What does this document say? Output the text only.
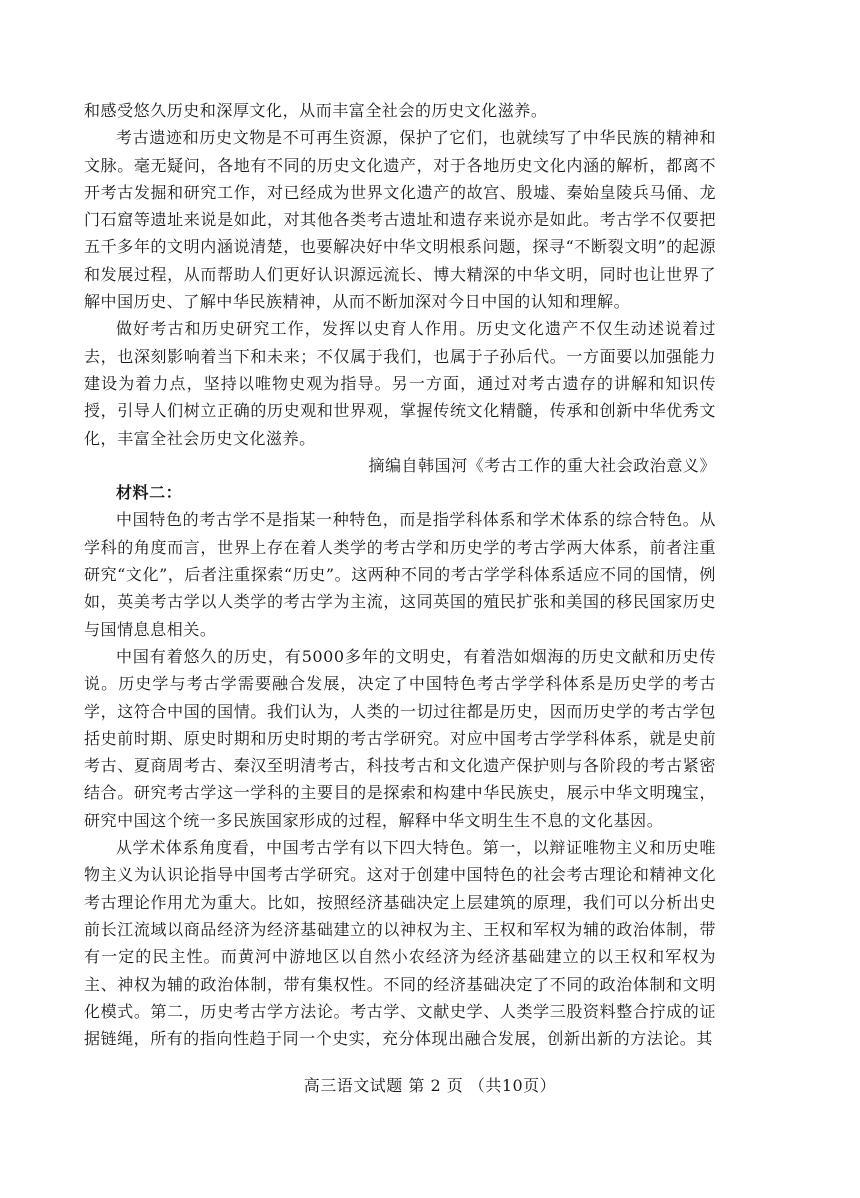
和感受悠久历史和深厚文化，从而丰富全社会的历史文化滋养。

考古遗迹和历史文物是不可再生资源，保护了它们，也就续写了中华民族的精神和文脉。毫无疑问，各地有不同的历史文化遗产，对于各地历史文化内涵的解析，都离不开考古发掘和研究工作，对已经成为世界文化遗产的故宫、殷墟、秦始皇陵兵马俑、龙门石窟等遗址来说是如此，对其他各类考古遗址和遗存来说亦是如此。考古学不仅要把五千多年的文明内涵说清楚，也要解决好中华文明根系问题，探寻“不断裂文明”的起源和发展过程，从而帮助人们更好认识源远流长、博大精深的中华文明，同时也让世界了解中国历史、了解中华民族精神，从而不断加深对今日中国的认知和理解。

做好考古和历史研究工作，发挥以史育人作用。历史文化遗产不仅生动述说着过去，也深刻影响着当下和未来；不仅属于我们，也属于子孙后代。一方面要以加强能力建设为着力点，坚持以唯物史观为指导。另一方面，通过对考古遗存的讲解和知识传授，引导人们树立正确的历史观和世界观，掌握传统文化精髓，传承和创新中华优秀文化，丰富全社会历史文化滋养。

摘编自韩国河《考古工作的重大社会政治意义》

材料二：

中国特色的考古学不是指某一种特色，而是指学科体系和学术体系的综合特色。从学科的角度而言，世界上存在着人类学的考古学和历史学的考古学两大体系，前者注重研究“文化”，后者注重探索“历史”。这两种不同的考古学学科体系适应不同的国情，例如，英美考古学以人类学的考古学为主流，这同英国的殖民扩张和美国的移民国家历史与国情息息相关。

中国有着悠久的历史，有5000多年的文明史，有着浩如烟海的历史文献和历史传说。历史学与考古学需要融合发展，决定了中国特色考古学学科体系是历史学的考古学，这符合中国的国情。我们认为，人类的一切过往都是历史，因而历史学的考古学包括史前时期、原史时期和历史时期的考古学研究。对应中国考古学学科体系，就是史前考古、夏商周考古、秦汉至明清考古，科技考古和文化遗产保护则与各阶段的考古紧密结合。研究考古学这一学科的主要目的是探索和构建中华民族史，展示中华文明瑰宝，研究中国这个统一多民族国家形成的过程，解释中华文明生生不息的文化基因。

从学术体系角度看，中国考古学有以下四大特色。第一，以辩证唯物主义和历史唯物主义为认识论指导中国考古学研究。这对于创建中国特色的社会考古理论和精神文化考古理论作用尤为重大。比如，按照经济基础决定上层建筑的原理，我们可以分析出史前长江流域以商品经济为经济基础建立的以神权为主、王权和军权为辅的政治体制，带有一定的民主性。而黄河中游地区以自然小农经济为经济基础建立的以王权和军权为主、神权为辅的政治体制，带有集权性。不同的经济基础决定了不同的政治体制和文明化模式。第二，历史考古学方法论。考古学、文献史学、人类学三股资料整合拧成的证据链绳，所有的指向性趋于同一个史实，充分体现出融合发展，创新出新的方法论。其

高三语文试题 第 2 页 （共10页）
